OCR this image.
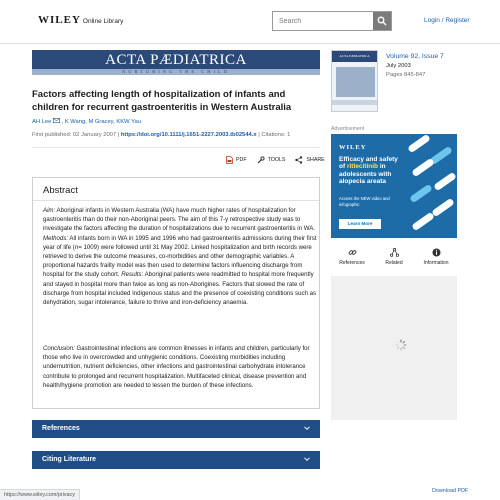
WILEY Online Library
Search	Login / Register
ACTA PÆDIATRICA
NURTURING THE CHILD
Factors affecting length of hospitalization of infants and children for recurrent gastroenteritis in Western Australia
AH Lee , K Wang, M Gracey, KKW Yau
First published: 02 January 2007 | https://doi.org/10.1111/j.1651-2227.2003.tb02544.x | Citations: 1
PDF	TOOLS	SHARE
Abstract

Aim: Aboriginal infants in Western Australia (WA) have much higher rates of hospitalization for gastroenteritis than do their non-Aboriginal peers. The aim of this 7-y retrospective study was to investigate the factors affecting the duration of hospitalizations due to recurrent gastroenteritis in WA. Methods: All infants born in WA in 1995 and 1996 who had gastroenteritis admissions during their first year of life (n= 1009) were followed until 31 May 2002. Linked hospitalization and birth records were retrieved to derive the outcome measures, co-morbidities and other demographic variables. A proportional hazards frailty model was then used to determine factors influencing discharge from hospital for the study cohort. Results: Aboriginal patients were readmitted to hospital more frequently and stayed in hospital more than twice as long as non-Aborigines. Factors that slowed the rate of discharge from hospital included Indigenous status and the presence of coexisting conditions such as dehydration, sugar intolerance, failure to thrive and iron-deficiency anaemia.

Conclusion: Gastrointestinal infections are common illnesses in infants and children, particularly for those who live in overcrowded and unhygienic conditions. Coexisting morbidities including undernutrition, nutrient deficiencies, other infections and gastrointestinal carbohydrate intolerance contribute to prolonged and recurrent hospitalization. Multifaceted clinical, disease prevention and health/hygiene promotion are needed to lessen the burden of these infections.

References
Citing Literature
ACTA PÆDIATRICA	Volume 92, Issue 7
July 2003
Pages 845-847
Advertisement
WILEY
Efficacy and safety of ritlecitinib in adolescents with alopecia areata
Access the NEW video and infographic
Learn More
References	Related	Information
https://www.wiley.com/privacy
Download PDF
